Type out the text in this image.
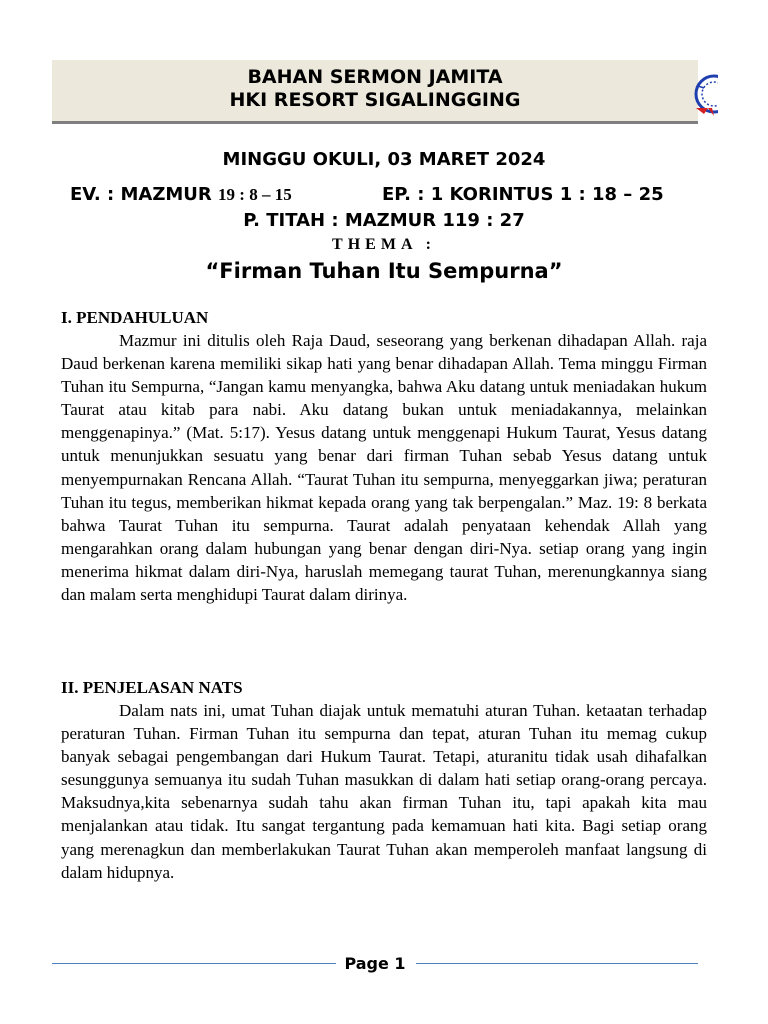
BAHAN SERMON JAMITA
HKI RESORT SIGALINGGING
MINGGU OKULI, 03 MARET 2024
EV. : MAZMUR 19 : 8 – 15	EP. : 1 KORINTUS 1 : 18 – 25
P. TITAH : MAZMUR 119 : 27
THEMA :
“Firman Tuhan Itu Sempurna”
I. PENDAHULUAN

Mazmur ini ditulis oleh Raja Daud, seseorang yang berkenan dihadapan Allah. raja Daud berkenan karena memiliki sikap hati yang benar dihadapan Allah. Tema minggu Firman Tuhan itu Sempurna, “Jangan kamu menyangka, bahwa Aku datang untuk meniadakan hukum Taurat atau kitab para nabi. Aku datang bukan untuk meniadakannya, melainkan menggenapinya.” (Mat. 5:17). Yesus datang untuk menggenapi Hukum Taurat, Yesus datang untuk menunjukkan sesuatu yang benar dari firman Tuhan sebab Yesus datang untuk menyempurnakan Rencana Allah. “Taurat Tuhan itu sempurna, menyeggarkan jiwa; peraturan Tuhan itu tegus, memberikan hikmat kepada orang yang tak berpengalan.” Maz. 19: 8 berkata bahwa Taurat Tuhan itu sempurna. Taurat adalah penyataan kehendak Allah yang mengarahkan orang dalam hubungan yang benar dengan diri-Nya. setiap orang yang ingin menerima hikmat dalam diri-Nya, haruslah memegang taurat Tuhan, merenungkannya siang dan malam serta menghidupi Taurat dalam dirinya.

II. PENJELASAN NATS

Dalam nats ini, umat Tuhan diajak untuk mematuhi aturan Tuhan. ketaatan terhadap peraturan Tuhan. Firman Tuhan itu sempurna dan tepat, aturan Tuhan itu memag cukup banyak sebagai pengembangan dari Hukum Taurat. Tetapi, aturanitu tidak usah dihafalkan sesunggunya semuanya itu sudah Tuhan masukkan di dalam hati setiap orang-orang percaya. Maksudnya,kita sebenarnya sudah tahu akan firman Tuhan itu, tapi apakah kita mau menjalankan atau tidak. Itu sangat tergantung pada kemamuan hati kita. Bagi setiap orang yang merenagkun dan memberlakukan Taurat Tuhan akan memperoleh manfaat langsung di dalam hidupnya.

Page 1
